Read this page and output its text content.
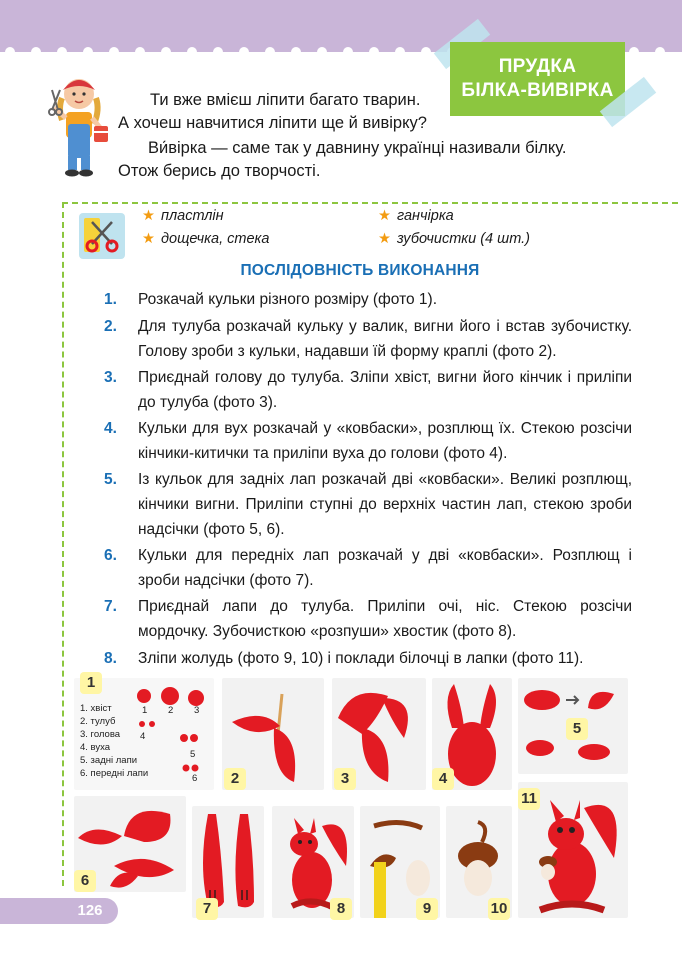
ПРУДКА
БІЛКА-ВИВІРКА
Ти вже вмієш ліпити багато тварин.
А хочеш навчитися ліпити ще й вивірку?
Ви́вірка — саме так у давнину українці називали білку.
Отож берись до творчості.
★ пластлін	★ ганчірка
★ дощечка, стека	★ зубочистки (4 шт.)
ПОСЛІДОВНІСТЬ ВИКОНАННЯ
1.	Розкачай кульки різного розміру (фото 1).
2.	Для тулуба розкачай кульку у валик, вигни його і встав зубочистку. Голову зроби з кульки, надавши їй форму краплі (фото 2).
3.	Приєднай голову до тулуба. Зліпи хвіст, вигни його кінчик і приліпи до тулуба (фото 3).
4.	Кульки для вух розкачай у «ковбаски», розплющ їх. Стекою розсічи кінчики-китички та приліпи вуха до голови (фото 4).
5.	Із кульок для задніх лап розкачай дві «ковбаски». Великі розплющ, кінчики вигни. Приліпи ступні до верхніх частин лап, стекою зроби надсічки (фото 5, 6).
6.	Кульки для передніх лап розкачай у дві «ковбаски». Розплющ і зроби надсічки (фото 7).
7.	Приєднай лапи до тулуба. Приліпи очі, ніс. Стекою розсічи мордочку. Зубочисткою «розпуши» хвостик (фото 8).
8.	Зліпи жолудь (фото 9, 10) і поклади білочці в лапки (фото 11).
1. хвіст
2. тулуб
3. голова
4. вуха
5. задні лапи
6. передні лапи
1 2 3
4
5
6
1
2	3	4
5
6
7	8	9	10
11
126
